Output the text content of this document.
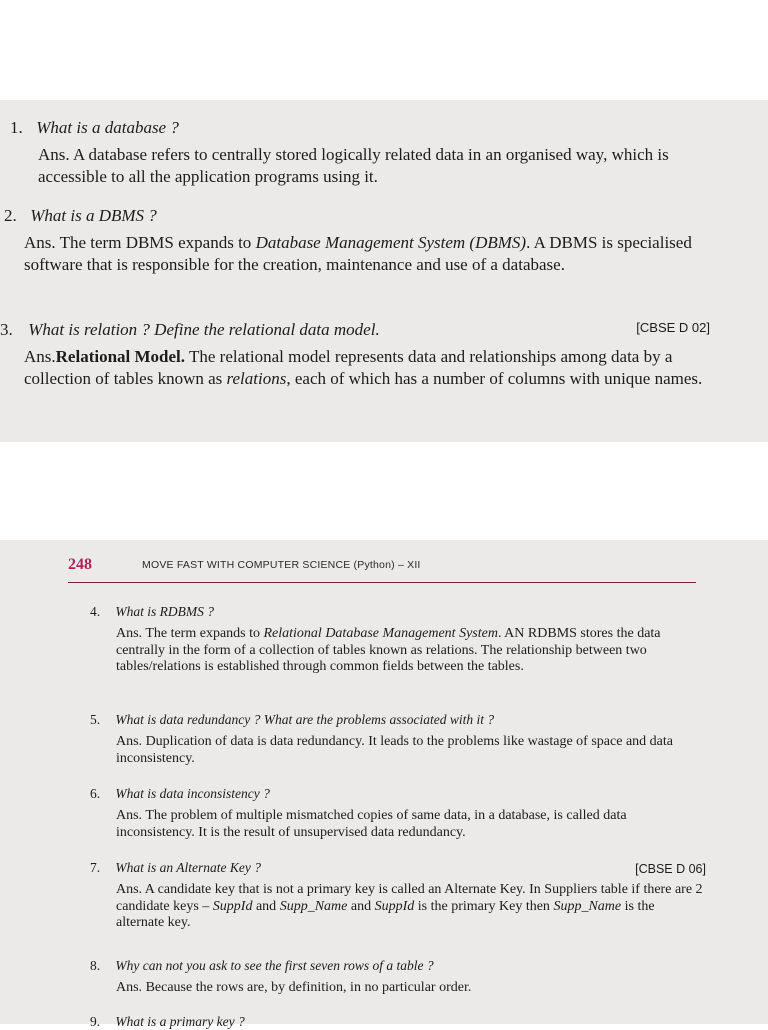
1. What is a database ?
Ans. A database refers to centrally stored logically related data in an organised way, which is accessible to all the application programs using it.
2. What is a DBMS ?
Ans. The term DBMS expands to Database Management System (DBMS). A DBMS is specialised software that is responsible for the creation, maintenance and use of a database.
3. What is relation ? Define the relational data model.	[CBSE D 02]
Ans.Relational Model. The relational model represents data and relationships among data by a collection of tables known as relations, each of which has a number of columns with unique names.
248	MOVE FAST WITH COMPUTER SCIENCE (Python) – XII
4. What is RDBMS ?
Ans. The term expands to Relational Database Management System. AN RDBMS stores the data centrally in the form of a collection of tables known as relations. The relationship between two tables/relations is established through common fields between the tables.
5. What is data redundancy ? What are the problems associated with it ?
Ans. Duplication of data is data redundancy. It leads to the problems like wastage of space and data inconsistency.
6. What is data inconsistency ?
Ans. The problem of multiple mismatched copies of same data, in a database, is called data inconsistency. It is the result of unsupervised data redundancy.
7. What is an Alternate Key ?	[CBSE D 06]
Ans. A candidate key that is not a primary key is called an Alternate Key. In Suppliers table if there are 2 candidate keys – SuppId and Supp_Name and SuppId is the primary Key then Supp_Name is the alternate key.
8. Why can not you ask to see the first seven rows of a table ?
Ans. Because the rows are, by definition, in no particular order.
9. What is a primary key ?
